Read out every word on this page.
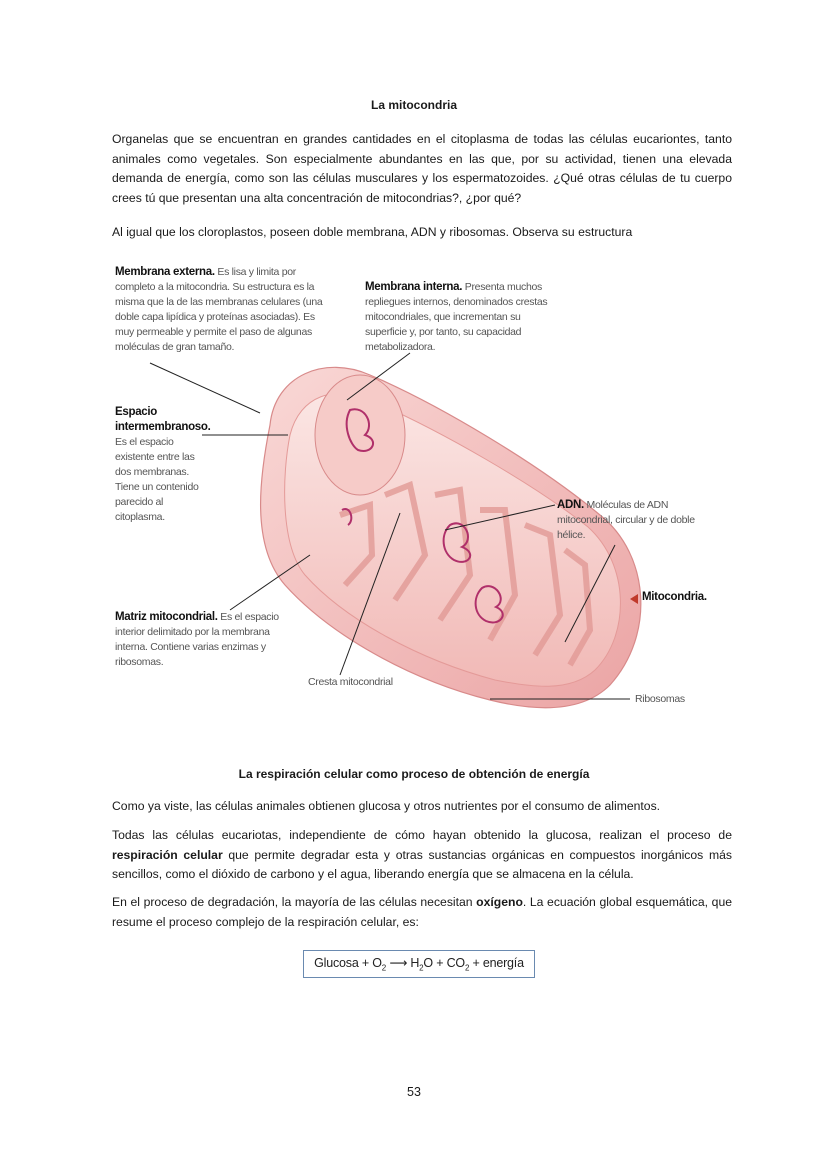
La mitocondria
Organelas que se encuentran en grandes cantidades en el citoplasma de todas las células eucariontes, tanto animales como vegetales. Son especialmente abundantes en las que, por su actividad, tienen una elevada demanda de energía, como son las células musculares y los espermatozoides. ¿Qué otras células de tu cuerpo crees tú que presentan una alta concentración de mitocondrias?, ¿por qué?
Al igual que los cloroplastos, poseen doble membrana, ADN y ribosomas. Observa su estructura
Membrana externa. Es lisa y limita por completo a la mitocondria. Su estructura es la misma que la de las membranas celulares (una doble capa lipídica y proteínas asociadas). Es muy permeable y permite el paso de algunas moléculas de gran tamaño.
Membrana interna. Presenta muchos repliegues internos, denominados crestas mitocondriales, que incrementan su superficie y, por tanto, su capacidad metabolizadora.
Espacio
intermembranoso.
Es el espacio existente entre las dos membranas. Tiene un contenido parecido al citoplasma.
ADN. Moléculas de ADN mitocondrial, circular y de doble hélice.
Mitocondria.
Matriz mitocondrial. Es el espacio interior delimitado por la membrana interna. Contiene varias enzimas y ribosomas.
Cresta mitocondrial
Ribosomas
La respiración celular como proceso de obtención de energía
Como ya viste, las células animales obtienen glucosa y otros nutrientes por el consumo de alimentos.
Todas las células eucariotas, independiente de cómo hayan obtenido la glucosa, realizan el proceso de respiración celular que permite degradar esta y otras sustancias orgánicas en compuestos inorgánicos más sencillos, como el dióxido de carbono y el agua, liberando energía que se almacena en la célula.
En el proceso de degradación, la mayoría de las células necesitan oxígeno. La ecuación global esquemática, que resume el proceso complejo de la respiración celular, es:
$Glucosa + O_2$ ⟶ $H_2O + CO_2$ + energía
53
